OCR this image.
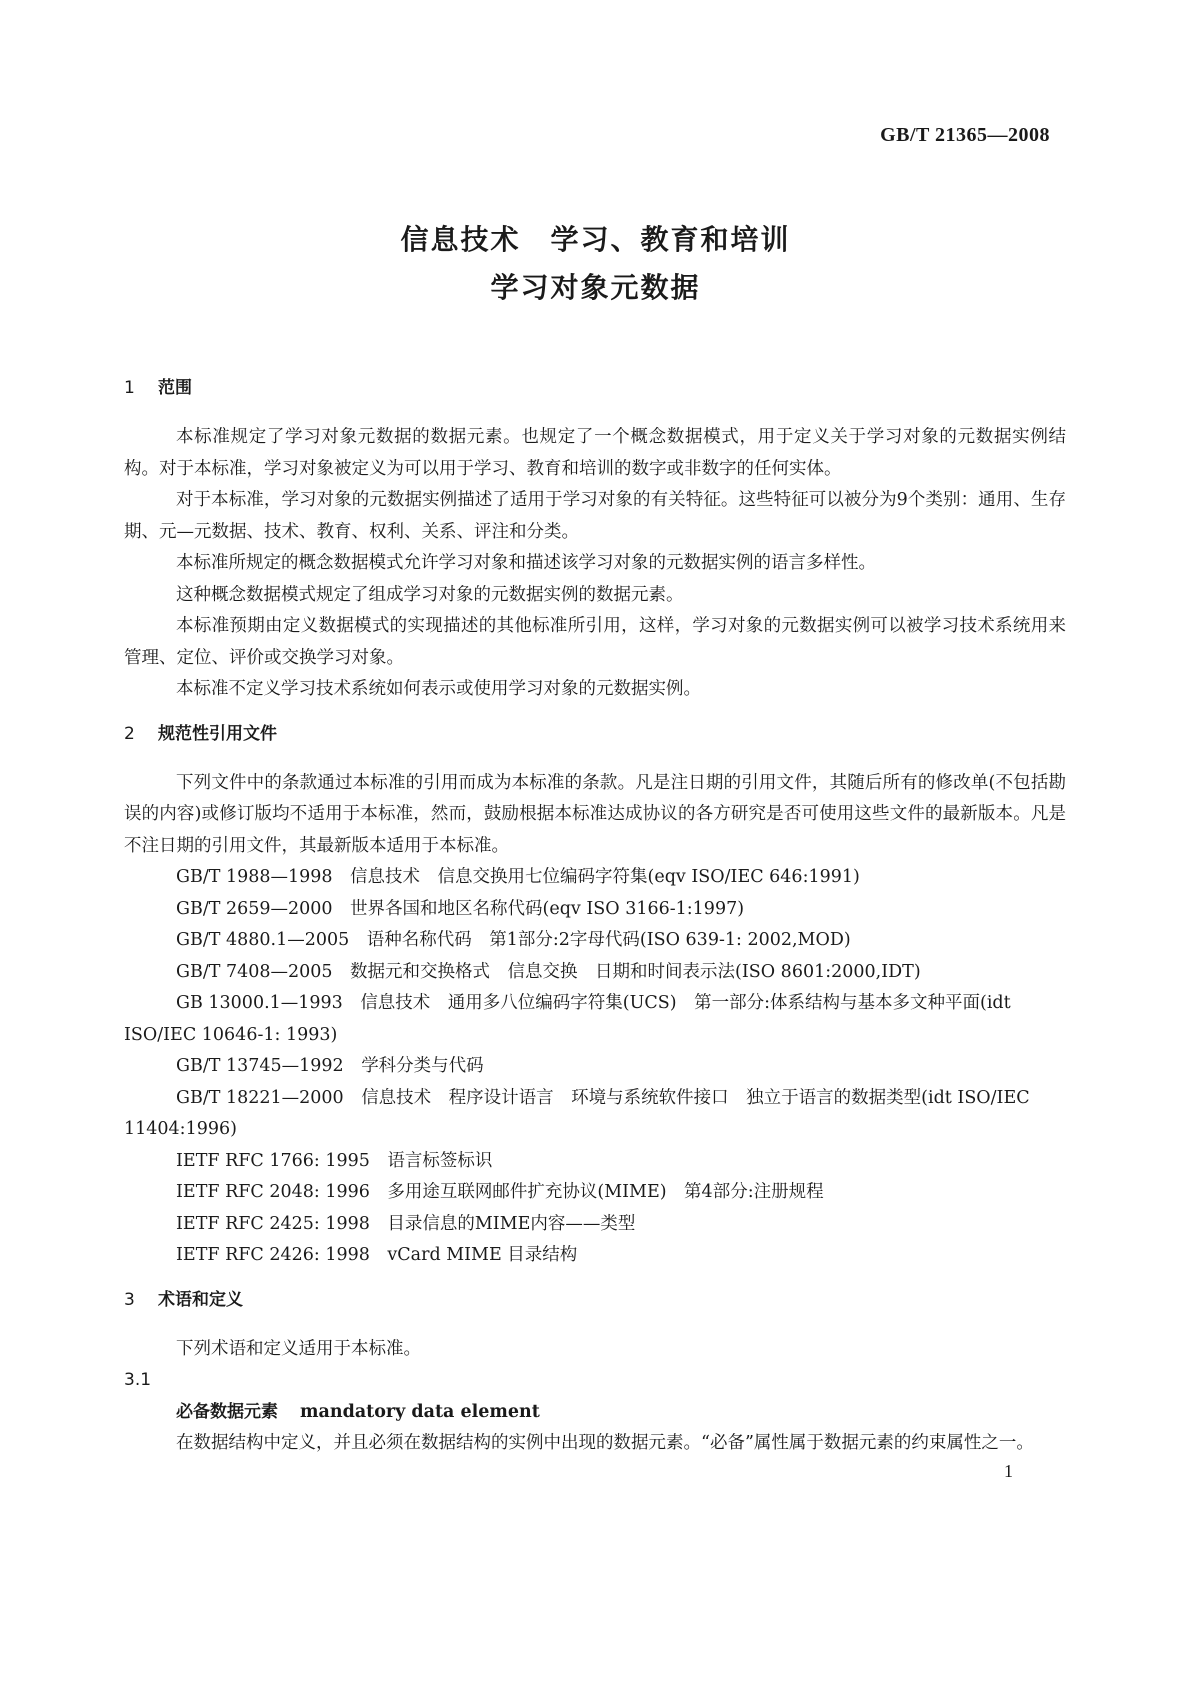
GB/T 21365—2008
信息技术　学习、教育和培训
学习对象元数据
1 范围

本标准规定了学习对象元数据的数据元素。也规定了一个概念数据模式，用于定义关于学习对象的元数据实例结构。对于本标准，学习对象被定义为可以用于学习、教育和培训的数字或非数字的任何实体。

对于本标准，学习对象的元数据实例描述了适用于学习对象的有关特征。这些特征可以被分为9个类别：通用、生存期、元—元数据、技术、教育、权利、关系、评注和分类。

本标准所规定的概念数据模式允许学习对象和描述该学习对象的元数据实例的语言多样性。

这种概念数据模式规定了组成学习对象的元数据实例的数据元素。

本标准预期由定义数据模式的实现描述的其他标准所引用，这样，学习对象的元数据实例可以被学习技术系统用来管理、定位、评价或交换学习对象。

本标准不定义学习技术系统如何表示或使用学习对象的元数据实例。

2 规范性引用文件

下列文件中的条款通过本标准的引用而成为本标准的条款。凡是注日期的引用文件，其随后所有的修改单(不包括勘误的内容)或修订版均不适用于本标准，然而，鼓励根据本标准达成协议的各方研究是否可使用这些文件的最新版本。凡是不注日期的引用文件，其最新版本适用于本标准。

GB/T 1988—1998　 信息技术　信息交换用七位编码字符集(eqv ISO/IEC 646:1991)

GB/T 2659—2000　 世界各国和地区名称代码(eqv ISO 3166-1:1997)

GB/T 4880.1—2005　 语种名称代码　第1部分:2字母代码(ISO 639-1: 2002,MOD)

GB/T 7408—2005　 数据元和交换格式　信息交换　日期和时间表示法(ISO 8601:2000,IDT)

GB 13000.1—1993　 信息技术　通用多八位编码字符集(UCS)　第一部分:体系结构与基本多文种平面(idt ISO/IEC 10646-1: 1993)

GB/T 13745—1992　 学科分类与代码

GB/T 18221—2000　 信息技术　程序设计语言　环境与系统软件接口　独立于语言的数据类型(idt ISO/IEC 11404:1996)

IETF RFC 1766: 1995　 语言标签标识

IETF RFC 2048: 1996　 多用途互联网邮件扩充协议(MIME)　第4部分:注册规程

IETF RFC 2425: 1998　 目录信息的MIME内容——类型

IETF RFC 2426: 1998　 vCard MIME 目录结构

3 术语和定义

下列术语和定义适用于本标准。

3.1
必备数据元素 mandatory data element

在数据结构中定义，并且必须在数据结构的实例中出现的数据元素。“必备”属性属于数据元素的约束属性之一。

1
